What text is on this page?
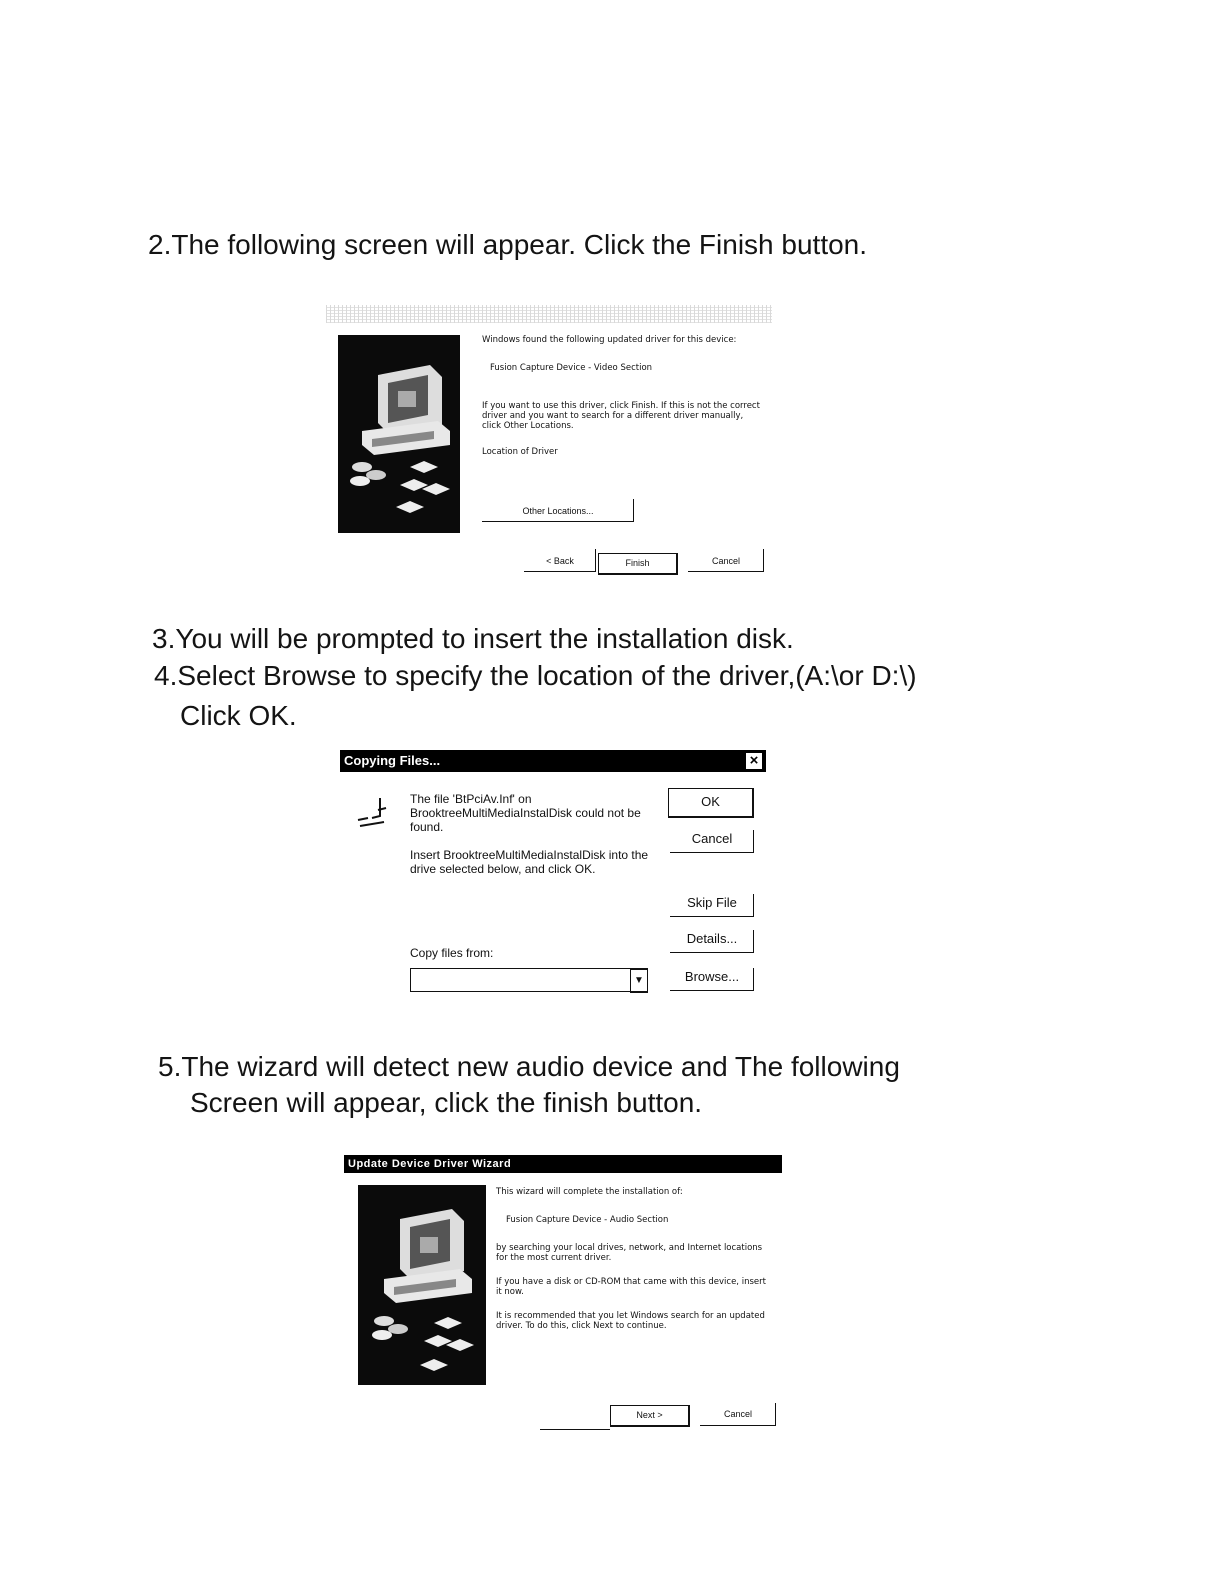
2.The following screen will appear. Click the Finish button.
Windows found the following updated driver for this device:
Fusion Capture Device - Video Section
If you want to use this driver, click Finish. If this is not the correct driver and you want to search for a different driver manually, click Other Locations.
Location of Driver
Other Locations...
< Back	Finish	Cancel
3.You will be prompted to insert the installation disk.
4.Select Browse to specify the location of the driver,(A:\or D:\)
Click OK.
Copying Files...	×
The file 'BtPciAv.Inf' on BrooktreeMultiMediaInstalDisk could not be found.
Insert BrooktreeMultiMediaInstalDisk into the drive selected below, and click OK.
OK
Cancel
Skip File
Details...
Copy files from:
▼	Browse...
5.The wizard will detect new audio device and The following
Screen will appear, click the finish button.
Update Device Driver Wizard
This wizard will complete the installation of:
Fusion Capture Device - Audio Section
by searching your local drives, network, and Internet locations for the most current driver.
If you have a disk or CD-ROM that came with this device, insert it now.
It is recommended that you let Windows search for an updated driver. To do this, click Next to continue.
Next >	Cancel
